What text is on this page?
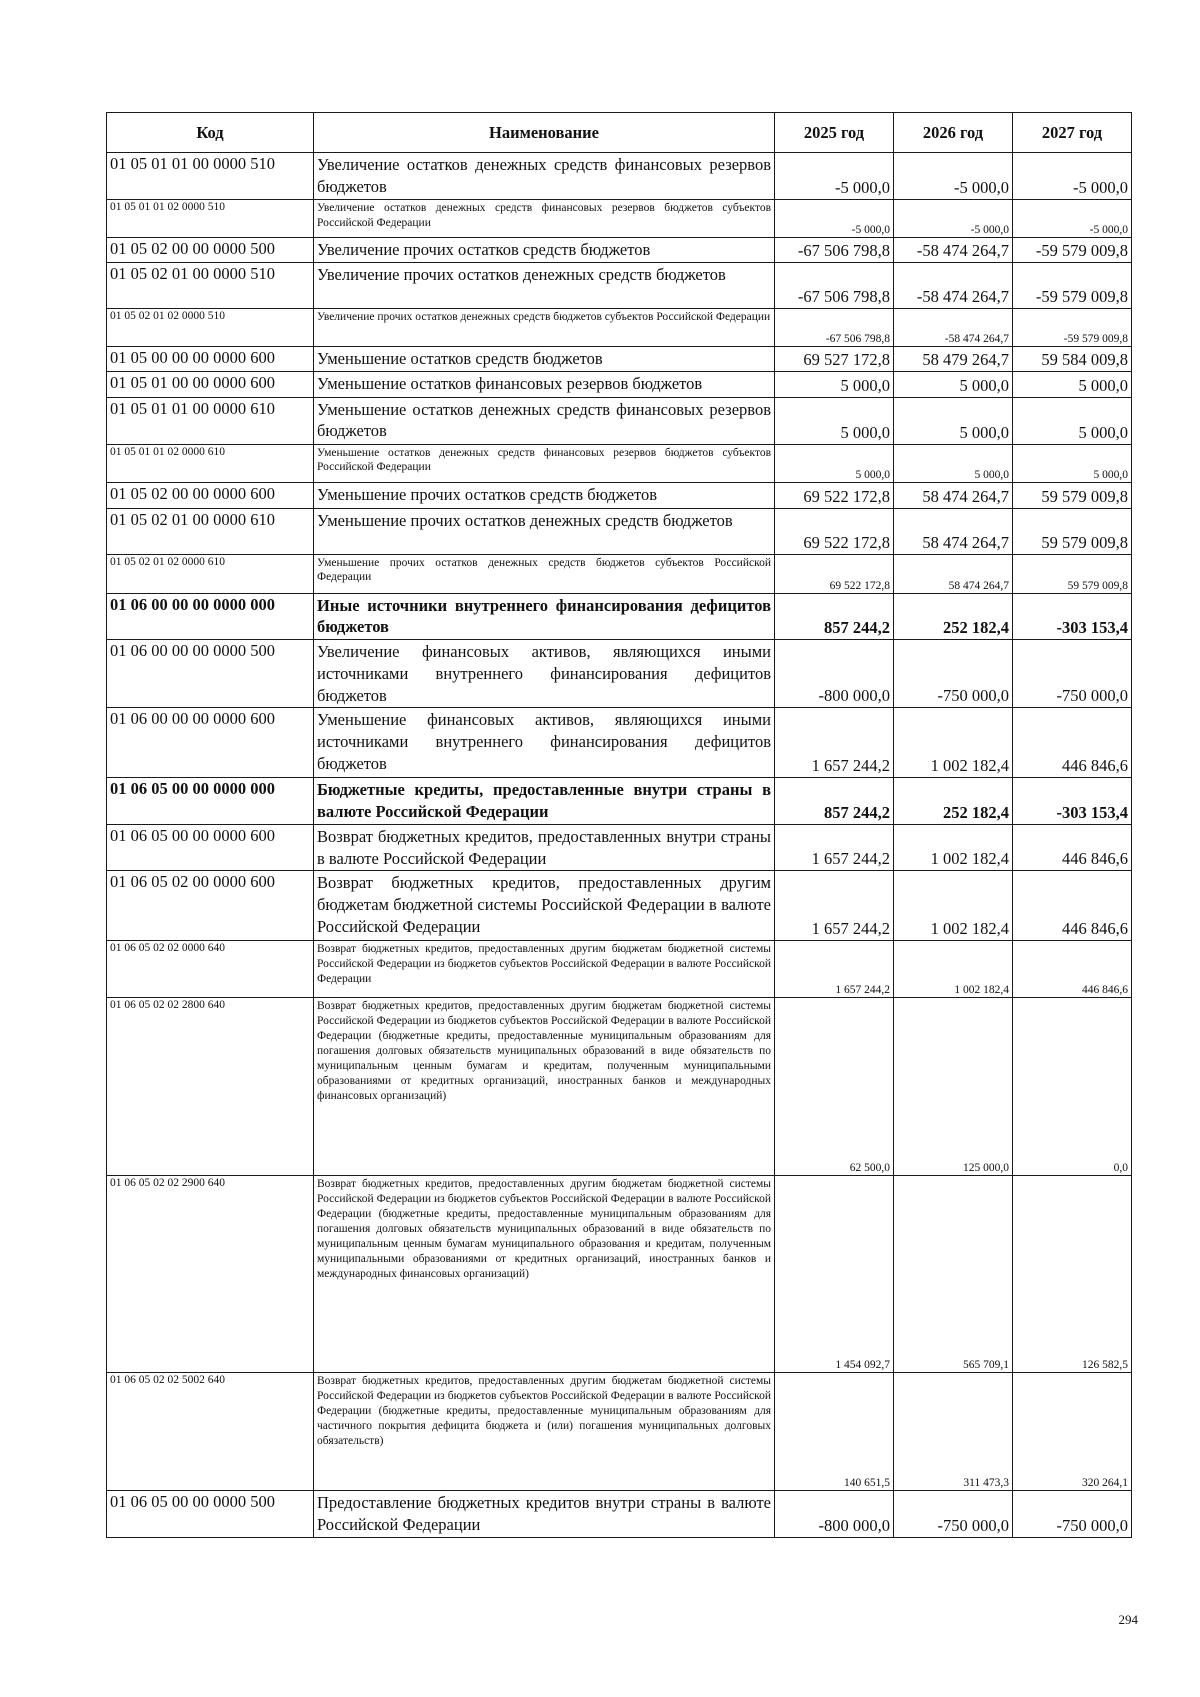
Код	Наименование	2025 год	2026 год	2027 год
01 05 01 01 00 0000 510	Увеличение остатков денежных средств финансовых резервов бюджетов	-5 000,0	-5 000,0	-5 000,0
01 05 01 01 02 0000 510	Увеличение остатков денежных средств финансовых резервов бюджетов субъектов Российской Федерации	-5 000,0	-5 000,0	-5 000,0
01 05 02 00 00 0000 500	Увеличение прочих остатков средств бюджетов	-67 506 798,8	-58 474 264,7	-59 579 009,8
01 05 02 01 00 0000 510	Увеличение прочих остатков денежных средств бюджетов	-67 506 798,8	-58 474 264,7	-59 579 009,8
01 05 02 01 02 0000 510	Увеличение прочих остатков денежных средств бюджетов субъектов Российской Федерации	-67 506 798,8	-58 474 264,7	-59 579 009,8
01 05 00 00 00 0000 600	Уменьшение остатков средств бюджетов	69 527 172,8	58 479 264,7	59 584 009,8
01 05 01 00 00 0000 600	Уменьшение остатков финансовых резервов бюджетов	5 000,0	5 000,0	5 000,0
01 05 01 01 00 0000 610	Уменьшение остатков денежных средств финансовых резервов бюджетов	5 000,0	5 000,0	5 000,0
01 05 01 01 02 0000 610	Уменьшение остатков денежных средств финансовых резервов бюджетов субъектов Российской Федерации	5 000,0	5 000,0	5 000,0
01 05 02 00 00 0000 600	Уменьшение прочих остатков средств бюджетов	69 522 172,8	58 474 264,7	59 579 009,8
01 05 02 01 00 0000 610	Уменьшение прочих остатков денежных средств бюджетов	69 522 172,8	58 474 264,7	59 579 009,8
01 05 02 01 02 0000 610	Уменьшение прочих остатков денежных средств бюджетов субъектов Российской Федерации	69 522 172,8	58 474 264,7	59 579 009,8
01 06 00 00 00 0000 000	Иные источники внутреннего финансирования дефицитов бюджетов	857 244,2	252 182,4	-303 153,4
01 06 00 00 00 0000 500	Увеличение финансовых активов, являющихся иными источниками внутреннего финансирования дефицитов бюджетов	-800 000,0	-750 000,0	-750 000,0
01 06 00 00 00 0000 600	Уменьшение финансовых активов, являющихся иными источниками внутреннего финансирования дефицитов бюджетов	1 657 244,2	1 002 182,4	446 846,6
01 06 05 00 00 0000 000	Бюджетные кредиты, предоставленные внутри страны в валюте Российской Федерации	857 244,2	252 182,4	-303 153,4
01 06 05 00 00 0000 600	Возврат бюджетных кредитов, предоставленных внутри страны в валюте Российской Федерации	1 657 244,2	1 002 182,4	446 846,6
01 06 05 02 00 0000 600	Возврат бюджетных кредитов, предоставленных другим бюджетам бюджетной системы Российской Федерации в валюте Российской Федерации	1 657 244,2	1 002 182,4	446 846,6
01 06 05 02 02 0000 640	Возврат бюджетных кредитов, предоставленных другим бюджетам бюджетной системы Российской Федерации из бюджетов субъектов Российской Федерации в валюте Российской Федерации	1 657 244,2	1 002 182,4	446 846,6
01 06 05 02 02 2800 640	Возврат бюджетных кредитов, предоставленных другим бюджетам бюджетной системы Российской Федерации из бюджетов субъектов Российской Федерации в валюте Российской Федерации (бюджетные кредиты, предоставленные муниципальным образованиям для погашения долговых обязательств муниципальных образований в виде обязательств по муниципальным ценным бумагам и кредитам, полученным муниципальными образованиями от кредитных организаций, иностранных банков и международных финансовых организаций)	62 500,0	125 000,0	0,0
01 06 05 02 02 2900 640	Возврат бюджетных кредитов, предоставленных другим бюджетам бюджетной системы Российской Федерации из бюджетов субъектов Российской Федерации в валюте Российской Федерации (бюджетные кредиты, предоставленные муниципальным образованиям для погашения долговых обязательств муниципальных образований в виде обязательств по муниципальным ценным бумагам муниципального образования и кредитам, полученным муниципальными образованиями от кредитных организаций, иностранных банков и международных финансовых организаций)	1 454 092,7	565 709,1	126 582,5
01 06 05 02 02 5002 640	Возврат бюджетных кредитов, предоставленных другим бюджетам бюджетной системы Российской Федерации из бюджетов субъектов Российской Федерации в валюте Российской Федерации (бюджетные кредиты, предоставленные муниципальным образованиям для частичного покрытия дефицита бюджета и (или) погашения муниципальных долговых обязательств)	140 651,5	311 473,3	320 264,1
01 06 05 00 00 0000 500	Предоставление бюджетных кредитов внутри страны в валюте Российской Федерации	-800 000,0	-750 000,0	-750 000,0
294
